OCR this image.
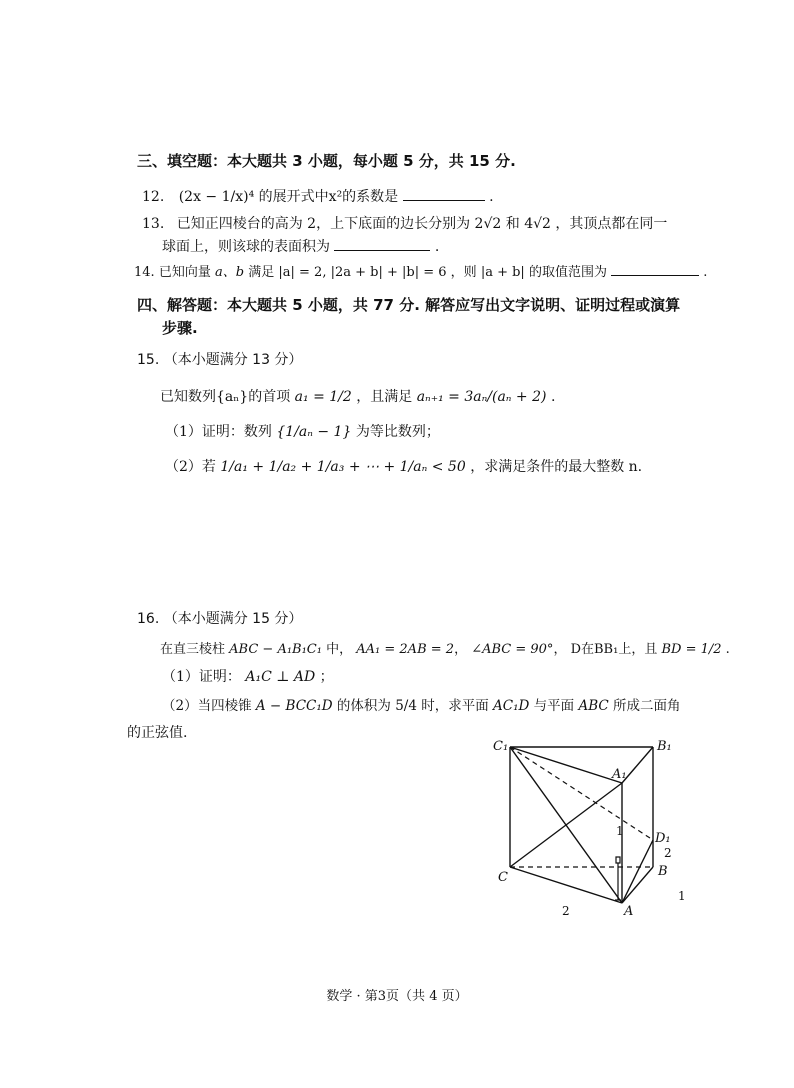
三、填空题：本大题共 3 小题，每小题 5 分，共 15 分.
12. (2x − 1/x)⁴ 的展开式中x²的系数是	.
13. 已知正四棱台的高为 2，上下底面的边长分别为 2√2 和 4√2 ，其顶点都在同一
球面上，则该球的表面积为	.
14. 已知向量 a、b 满足 |a| = 2, |2a + b| + |b| = 6 ，则 |a + b| 的取值范围为	.
四、解答题：本大题共 5 小题，共 77 分. 解答应写出文字说明、证明过程或演算
步骤.
15. （本小题满分 13 分）
已知数列{aₙ}的首项 a₁ = 1/2 ，且满足 aₙ₊₁ = 3aₙ/(aₙ + 2) .
（1）证明：数列 {1/aₙ − 1} 为等比数列；
（2）若 1/a₁ + 1/a₂ + 1/a₃ + ⋯ + 1/aₙ < 50 ，求满足条件的最大整数 n.
16. （本小题满分 15 分）
在直三棱柱 ABC − A₁B₁C₁ 中， AA₁ = 2AB = 2， ∠ABC = 90°， D在BB₁上，且 BD = 1/2 .
（1）证明： A₁C ⊥ AD ；
（2）当四棱锥 A − BCC₁D 的体积为 5/4 时，求平面 AC₁D 与平面 ABC 所成二面角
的正弦值.
C₁	B₁
A₁
D₁
C	B
A
1
2
1
2
数学 · 第3页（共 4 页）
